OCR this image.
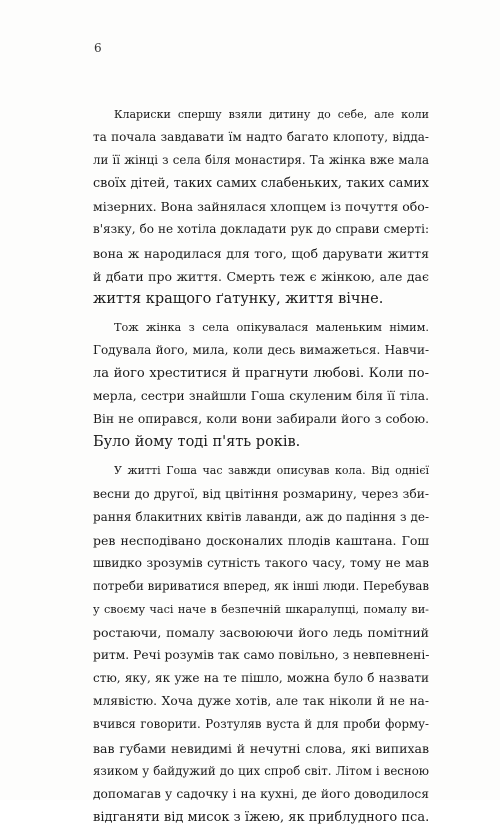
6
Клариски спершу взяли дитину до себе, але коли
та почала завдавати їм надто багато клопоту, відда-
ли її жінці з села біля монастиря. Та жінка вже мала
своїх дітей, таких самих слабеньких, таких самих
мізерних. Вона зайнялася хлопцем із почуття обо-
в'язку, бо не хотіла докладати рук до справи смерті:
вона ж народилася для того, щоб дарувати життя
й дбати про життя. Смерть теж є жінкою, але дає
життя кращого ґатунку, життя вічне.
Тож жінка з села опікувалася маленьким німим.
Годувала його, мила, коли десь вимажеться. Навчи-
ла його хреститися й прагнути любові. Коли по-
мерла, сестри знайшли Гоша скуленим біля її тіла.
Він не опирався, коли вони забирали його з собою.
Було йому тоді п'ять років.
У житті Гоша час завжди описував кола. Від однієї
весни до другої, від цвітіння розмарину, через зби-
рання блакитних квітів лаванди, аж до падіння з де-
рев несподівано досконалих плодів каштана. Гош
швидко зрозумів сутність такого часу, тому не мав
потреби вириватися вперед, як інші люди. Перебував
у своєму часі наче в безпечній шкаралупці, помалу ви-
ростаючи, помалу засвоюючи його ледь помітний
ритм. Речі розумів так само повільно, з невпевнені-
стю, яку, як уже на те пішло, можна було б назвати
млявістю. Хоча дуже хотів, але так ніколи й не на-
вчився говорити. Розтуляв вуста й для проби форму-
вав губами невидимі й нечутні слова, які випихав
язиком у байдужий до цих спроб світ. Літом і весною
допомагав у садочку і на кухні, де його доводилося
відганяти від мисок з їжею, як приблудного пса.
